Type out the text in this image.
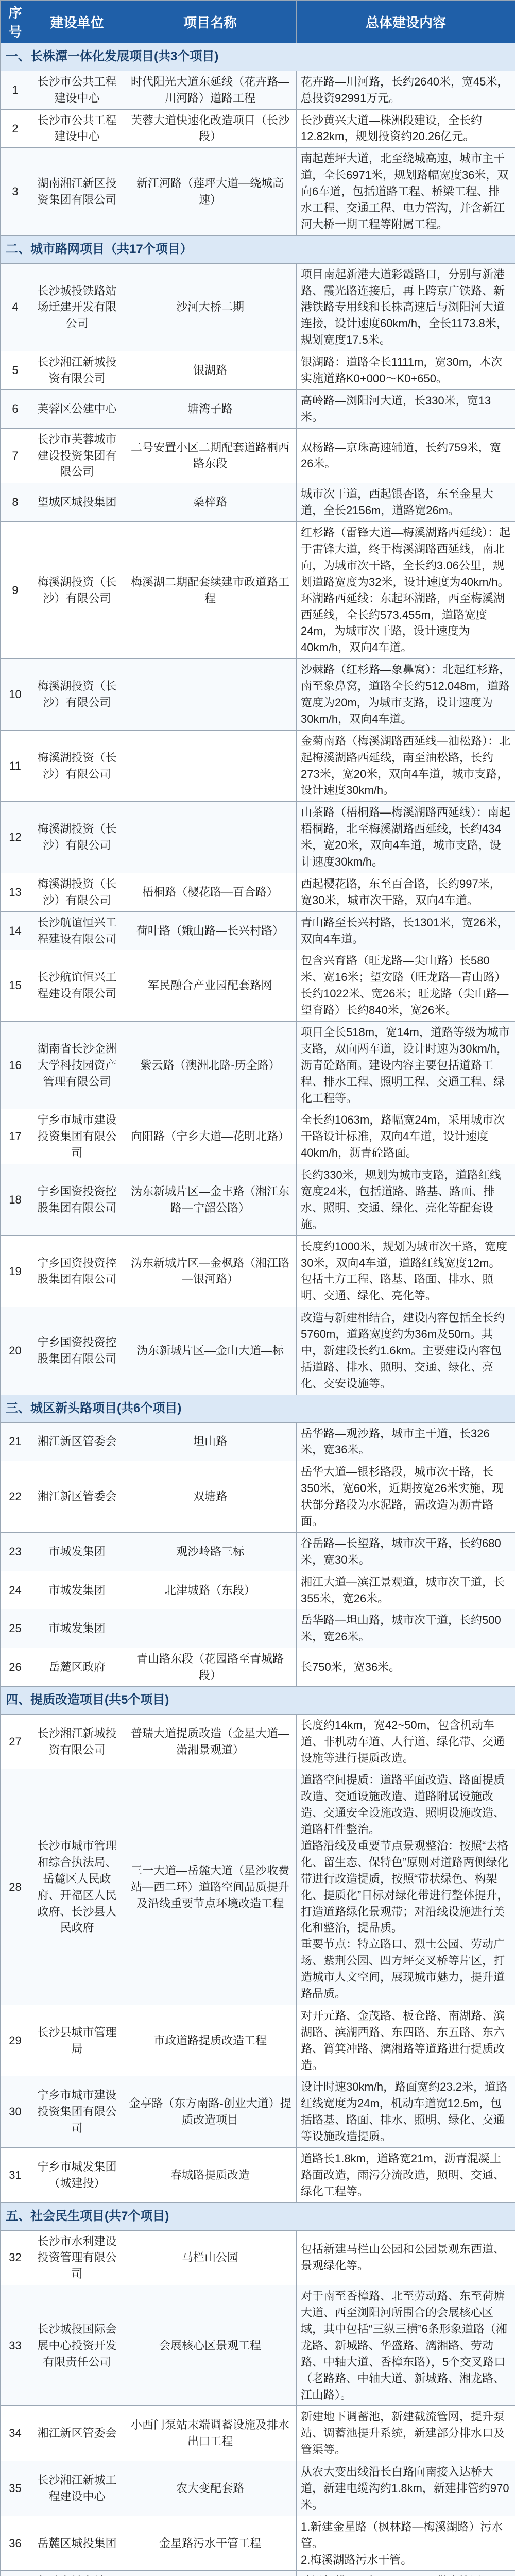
序号	建设单位	项目名称	总体建设内容
一、长株潭一体化发展项目(共3个项目)			
1	长沙市公共工程建设中心	时代阳光大道东延线（花卉路—川河路）道路工程	花卉路—川河路，长约2640米，宽45米，总投资92991万元。
2	长沙市公共工程建设中心	芙蓉大道快速化改造项目（长沙段）	长沙黄兴大道—株洲段建设，全长约12.82km，规划投资约20.26亿元。
3	湖南湘江新区投资集团有限公司	新江河路（莲坪大道—绕城高速）	南起莲坪大道，北至绕城高速，城市主干道，全长6971米，规划路幅宽度36米，双向6车道，包括道路工程、桥梁工程、排水工程、交通工程、电力管沟，并含新江河大桥一期工程等附属工程。
二、城市路网项目（共17个项目）			
4	长沙城投铁路站场迁建开发有限公司	沙河大桥二期	项目南起新港大道彩霞路口，分别与新港路、霞光路连接后，再上跨京广铁路、新港铁路专用线和长株高速后与浏阳河大道连接，设计速度60km/h，全长1173.8米，规划宽度17.5米。
5	长沙湘江新城投资有限公司	银湖路	银湖路：道路全长1111m，宽30m，本次实施道路K0+000～K0+650。
6	芙蓉区公建中心	塘湾子路	高岭路—浏阳河大道，长330米，宽13米。
7	长沙市芙蓉城市建设投资集团有限公司	二号安置小区二期配套道路桐西路东段	双杨路—京珠高速辅道，长约759米，宽26米。
8	望城区城投集团	桑梓路	城市次干道，西起银杏路，东至金星大道，全长2156m，道路宽26m。
9	梅溪湖投资（长沙）有限公司	梅溪湖二期配套续建市政道路工程	红杉路（雷锋大道—梅溪湖路西延线）：起于雷锋大道，终于梅溪湖路西延线，南北向，为城市次干路，全长约3.06公里，规划道路宽度为32米，设计速度为40km/h。
环湖路西延线：东起环湖路，西至梅溪湖西延线，全长约573.455m，道路宽度24m，为城市次干路，设计速度为40km/h，双向4车道。
10	梅溪湖投资（长沙）有限公司		沙棘路（红杉路—象鼻窝）：北起红杉路，南至象鼻窝，道路全长约512.048m，道路宽度为20m，为城市支路，设计速度为30km/h，双向4车道。
11	梅溪湖投资（长沙）有限公司		金菊南路（梅溪湖路西延线—油松路）：北起梅溪湖路西延线，南至油松路，长约273米，宽20米，双向4车道，城市支路，设计速度30km/h。
12	梅溪湖投资（长沙）有限公司		山茶路（梧桐路—梅溪湖路西延线）：南起梧桐路，北至梅溪湖路西延线，长约434米，宽20米，双向4车道，城市支路，设计速度30km/h。
13	梅溪湖投资（长沙）有限公司	梧桐路（樱花路—百合路）	西起樱花路，东至百合路，长约997米，宽30米，城市次干路，双向4车道。
14	长沙航谊恒兴工程建设有限公司	荷叶路（娥山路—长兴村路）	青山路至长兴村路，长1301米，宽26米，双向4车道。
15	长沙航谊恒兴工程建设有限公司	军民融合产业园配套路网	包含兴育路（旺龙路—尖山路）长580米、宽16米；望安路（旺龙路—青山路）长约1022米、宽26米；旺龙路（尖山路—望育路）长约840米，宽26米。
16	湖南省长沙金洲大学科技园资产管理有限公司	紫云路（澳洲北路-历全路）	项目全长518m，宽14m，道路等级为城市支路，双向两车道，设计时速为30km/h，沥青砼路面。建设内容主要包括道路工程、排水工程、照明工程、交通工程、绿化工程等。
17	宁乡市城市建设投资集团有限公司	向阳路（宁乡大道—花明北路）	全长约1063m，路幅宽24m，采用城市次干路设计标准，双向4车道，设计速度40km/h，沥青砼路面。
18	宁乡国资投资控股集团有限公司	沩东新城片区—金丰路（湘江东路—宁韶公路）	长约330米，规划为城市支路，道路红线宽度24米，包括道路、路基、路面、排水、照明、交通、绿化、亮化等配套设施。
19	宁乡国资投资控股集团有限公司	沩东新城片区—金枫路（湘江路—银河路）	长度约1000米，规划为城市次干路，宽度30米，双向4车道，道路红线宽度12m。包括土方工程、路基、路面、排水、照明、交通、绿化、亮化等。
20	宁乡国资投资控股集团有限公司	沩东新城片区—金山大道—标	改造与新建相结合，建设内容包括全长约5760m，道路宽度约为36m及50m。其中，新建段长约1.6km。主要建设内容包括道路、排水、照明、交通、绿化、亮化、交安设施等。
三、城区新头路项目(共6个项目)			
21	湘江新区管委会	坦山路	岳华路—观沙路，城市主干道，长326米，宽36米。
22	湘江新区管委会	双塘路	岳华大道—银杉路段，城市次干路，长350米，宽60米，近期按宽26米实施，现状部分路段为水泥路，需改造为沥青路面。
23	市城发集团	观沙岭路三标	谷岳路—长望路，城市次干路，长约680米，宽30米。
24	市城发集团	北津城路（东段）	湘江大道—滨江景观道，城市次干道，长355米，宽26米。
25	市城发集团		岳华路—坦山路，城市次干道，长约500米，宽26米。
26	岳麓区政府	青山路东段（花园路至青城路段）	长750米，宽36米。
四、提质改造项目(共5个项目)			
27	长沙湘江新城投资有限公司	普瑞大道提质改造（金星大道—潇湘景观道）	长度约14km，宽42~50m，包含机动车道、非机动车道、人行道、绿化带、交通设施等进行提质改造。
28	长沙市城市管理和综合执法局、岳麓区人民政府、开福区人民政府、长沙县人民政府	三一大道—岳麓大道（星沙收费站—西二环）道路空间品质提升及沿线重要节点环境改造工程	道路空间提质：道路平面改造、路面提质改造、交通设施改造、道路附属设施改造、交通安全设施改造、照明设施改造、道路杆件整治。
道路沿线及重要节点景观整治：按照“去格化、留生态、保特色”原则对道路两侧绿化带进行改造提质，按照“带状绿色、构架化、提质化”目标对绿化带进行整体提升，打造道路绿化景观带；对沿线设施进行美化和整治，提品质。
重要节点：特立路口、烈士公园、劳动广场、紫荆公园、四方坪交叉桥等片区，打造城市人文空间，展现城市魅力，提升道路品质。
29	长沙县城市管理局	市政道路提质改造工程	对开元路、金茂路、板仓路、南湖路、滨湖路、滨湖西路、东四路、东五路、东六路、筲箕冲路、漓湘路等道路进行提质改造。
30	宁乡市城市建设投资集团有限公司	金亭路（东方南路-创业大道）提质改造项目	设计时速30km/h，路面宽约23.2米，道路红线宽度为24m，机动车道宽12.5m，包括路基、路面、排水、照明、绿化、交通等设施改造提质。
31	宁乡市城发集团（城建投）	春城路提质改造	道路长1.8km，道路宽21m，沥青混凝土路面改造，雨污分流改造，照明、交通、绿化工程等。
五、社会民生项目(共7个项目)			
32	长沙市水利建设投资管理有限公司	马栏山公园	包括新建马栏山公园和公园景观东西道、景观绿化等。
33	长沙城投国际会展中心投资开发有限责任公司	会展核心区景观工程	对于南至香樟路、北至劳动路、东至荷塘大道、西至浏阳河所围合的会展核心区域，其中包括“三纵三横”6条形象道路（湘龙路、新城路、华盛路、漓湘路、劳动路、中轴大道、香樟东路），5个交叉路口（老路路、中轴大道、新城路、湘龙路、江山路）。
34	湘江新区管委会	小西门泵站末端调蓄设施及排水出口工程	新建地下调蓄池，新建截流管网，提升泵站、调蓄池提升系统，新建部分排水口及管渠等。
35	长沙湘江新城工程建设中心	农大变配套路	从农大变出线沿长白路向南接入达桥大道，新建电缆沟约1.8km，新建排管约970米。
36	岳麓区城投集团	金星路污水干管工程	1.新建金星路（枫林路—梅溪湖路）污水管。
2.梅溪湖路污水干管。
